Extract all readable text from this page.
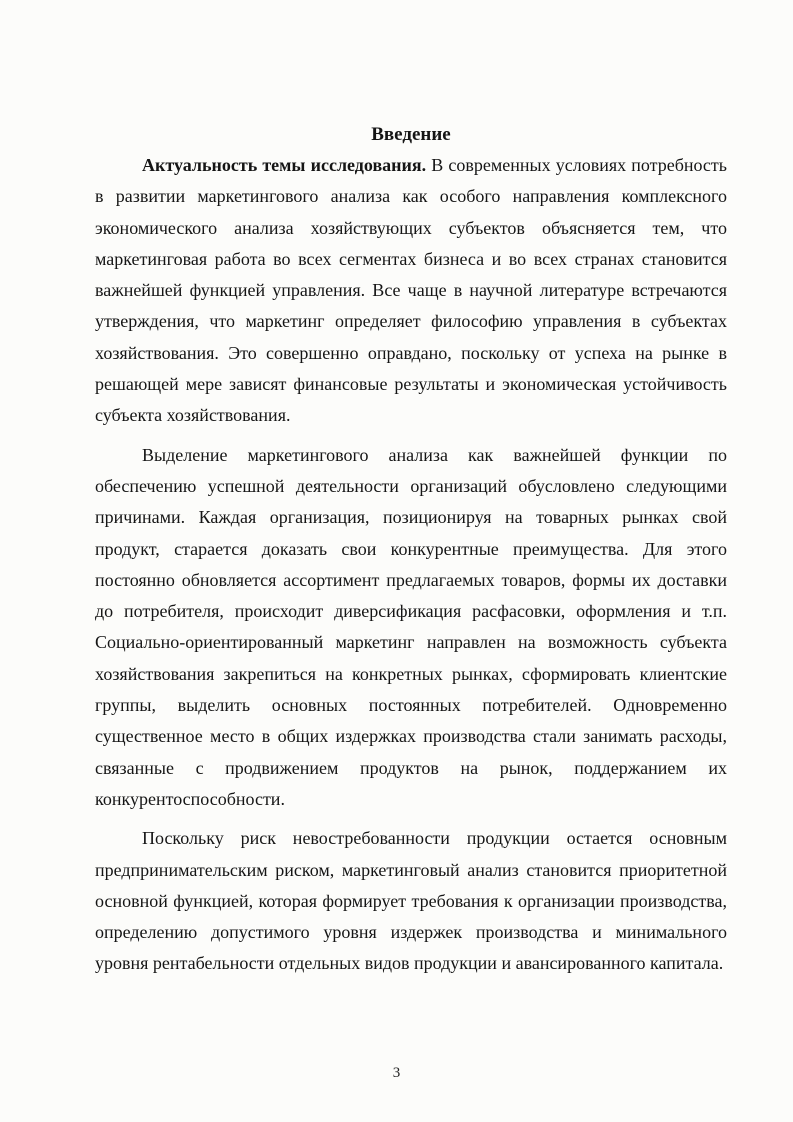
Введение

Актуальность темы исследования. В современных условиях потребность в развитии маркетингового анализа как особого направления комплексного экономического анализа хозяйствующих субъектов объясняется тем, что маркетинговая работа во всех сегментах бизнеса и во всех странах становится важнейшей функцией управления. Все чаще в научной литературе встречаются утверждения, что маркетинг определяет философию управления в субъектах хозяйствования. Это совершенно оправдано, поскольку от успеха на рынке в решающей мере зависят финансовые результаты и экономическая устойчивость субъекта хозяйствования.

Выделение маркетингового анализа как важнейшей функции по обеспечению успешной деятельности организаций обусловлено следующими причинами. Каждая организация, позиционируя на товарных рынках свой продукт, старается доказать свои конкурентные преимущества. Для этого постоянно обновляется ассортимент предлагаемых товаров, формы их доставки до потребителя, происходит диверсификация расфасовки, оформления и т.п. Социально-ориентированный маркетинг направлен на возможность субъекта хозяйствования закрепиться на конкретных рынках, сформировать клиентские группы, выделить основных постоянных потребителей. Одновременно существенное место в общих издержках производства стали занимать расходы, связанные с продвижением продуктов на рынок, поддержанием их конкурентоспособности.

Поскольку риск невостребованности продукции остается основным предпринимательским риском, маркетинговый анализ становится приоритетной основной функцией, которая формирует требования к организации производства, определению допустимого уровня издержек производства и минимального уровня рентабельности отдельных видов продукции и авансированного капитала.

3
